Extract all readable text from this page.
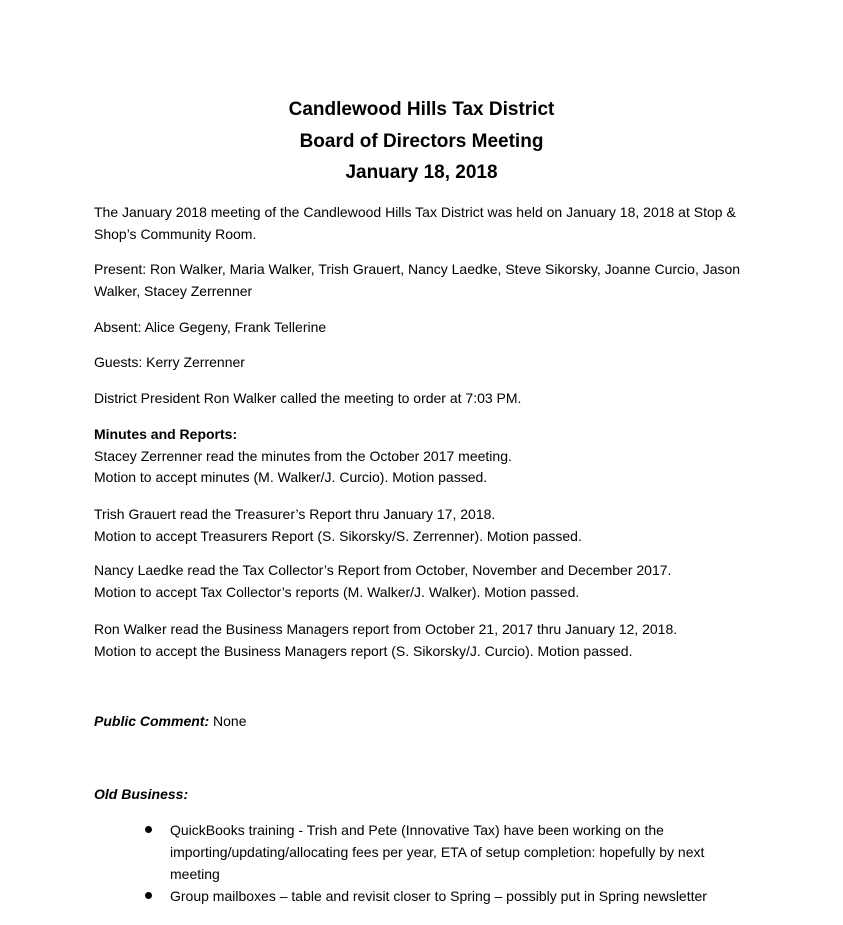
Candlewood Hills Tax District
Board of Directors Meeting
January 18, 2018
The January 2018 meeting of the Candlewood Hills Tax District was held on January 18, 2018 at Stop & Shop’s Community Room.
Present: Ron Walker, Maria Walker, Trish Grauert, Nancy Laedke, Steve Sikorsky, Joanne Curcio, Jason Walker, Stacey Zerrenner
Absent: Alice Gegeny, Frank Tellerine
Guests: Kerry Zerrenner
District President Ron Walker called the meeting to order at 7:03 PM.
Minutes and Reports:
Stacey Zerrenner read the minutes from the October 2017 meeting.
Motion to accept minutes (M. Walker/J. Curcio). Motion passed.
Trish Grauert read the Treasurer’s Report thru January 17, 2018.
Motion to accept Treasurers Report (S. Sikorsky/S. Zerrenner). Motion passed.
Nancy Laedke read the Tax Collector’s Report from October, November and December 2017.
Motion to accept Tax Collector’s reports (M. Walker/J. Walker). Motion passed.
Ron Walker read the Business Managers report from October 21, 2017 thru January 12, 2018.
Motion to accept the Business Managers report (S. Sikorsky/J. Curcio). Motion passed.
Public Comment: None
Old Business:
QuickBooks training - Trish and Pete (Innovative Tax) have been working on the importing/updating/allocating fees per year, ETA of setup completion: hopefully by next meeting
Group mailboxes – table and revisit closer to Spring – possibly put in Spring newsletter
